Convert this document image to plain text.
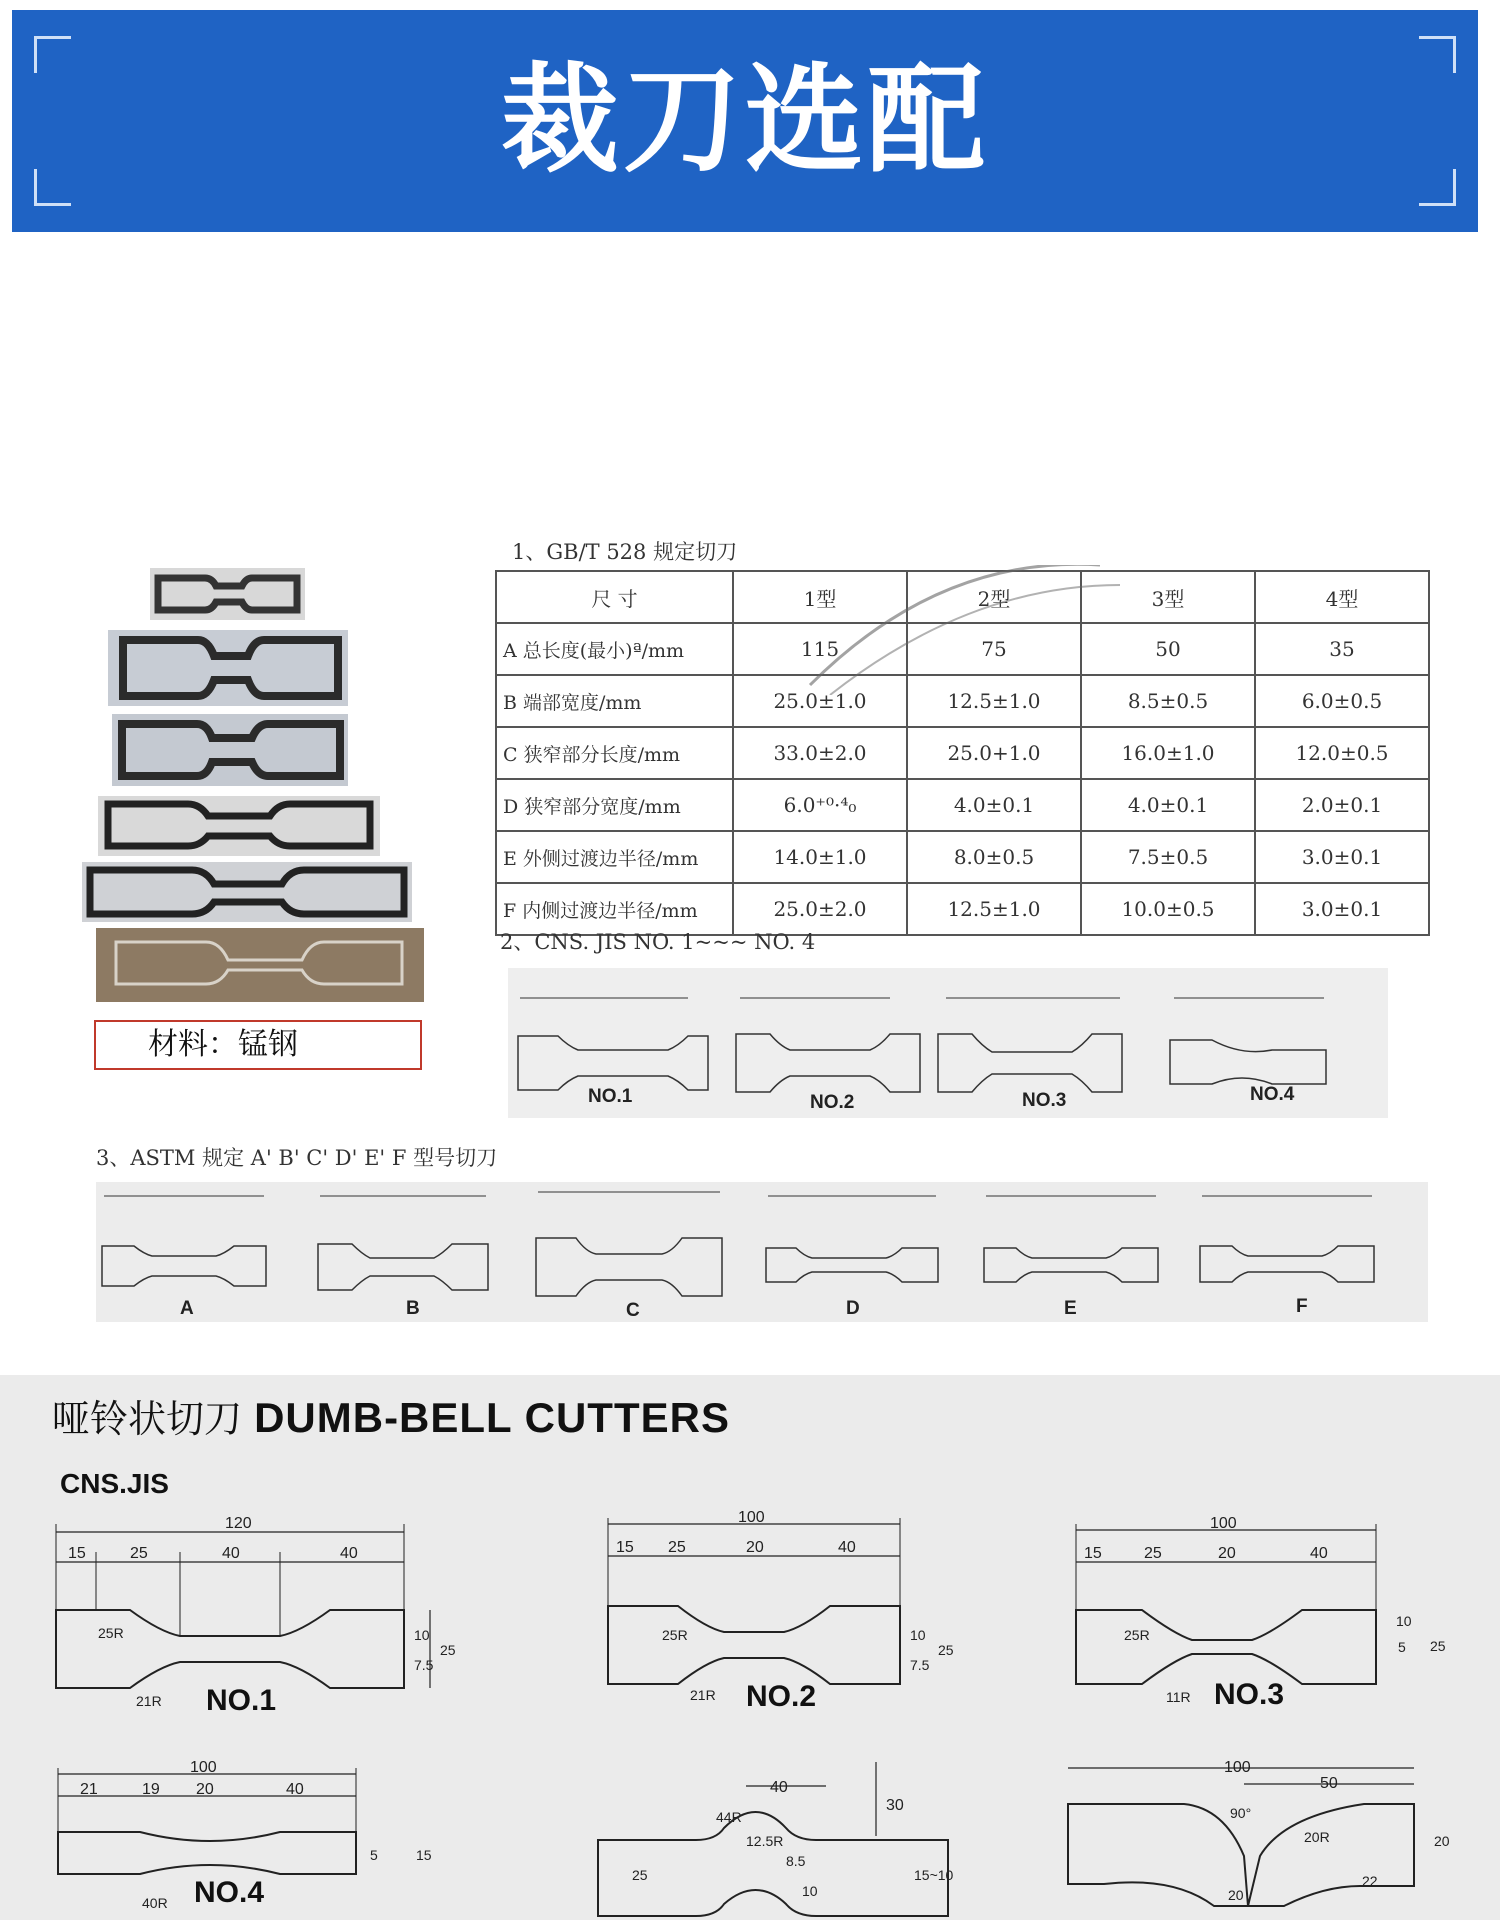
裁刀选配
材料：锰钢
1、GB/T 528 规定切刀
尺 寸	1型	2型	3型	4型
A 总长度(最小)ª/mm	115	75	50	35
B 端部宽度/mm	25.0±1.0	12.5±1.0	8.5±0.5	6.0±0.5
C 狭窄部分长度/mm	33.0±2.0	25.0+1.0	16.0±1.0	12.0±0.5
D 狭窄部分宽度/mm	6.0⁺⁰·⁴₀	4.0±0.1	4.0±0.1	2.0±0.1
E 外侧过渡边半径/mm	14.0±1.0	8.0±0.5	7.5±0.5	3.0±0.1
F 内侧过渡边半径/mm	25.0±2.0	12.5±1.0	10.0±0.5	3.0±0.1
2、CNS. JIS NO. 1~~~ NO. 4
NO.1	NO.2	NO.3	NO.4
3、ASTM 规定 A' B' C' D' E' F 型号切刀
A	B	C	D	E	F
哑铃状切刀 DUMB-BELL CUTTERS
CNS.JIS
120
15	25	40	40
25R
21R
10
7.5
25
NO.1
100
15 25	20	40
25R
21R
10
7.5
25
NO.2
100
15	25	20	40
25R
11R
10
5 25
NO.3
100
21	19 20	40
40R
5	15
NO.4
40
30
44R
12.5R
8.5
25
10
15~10
100
50
90°
20R	20
22
20
